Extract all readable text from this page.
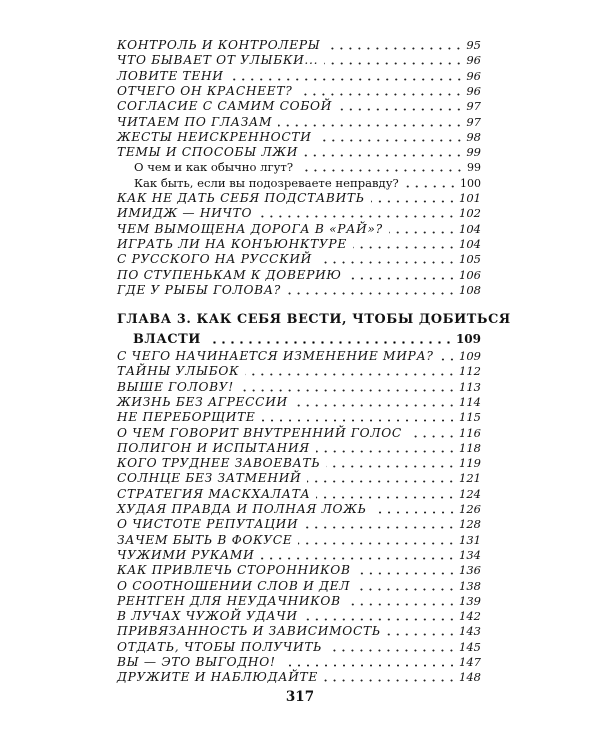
КОНТРОЛЬ И КОНТРОЛЕРЫ	95
ЧТО БЫВАЕТ ОТ УЛЫБКИ...	96
ЛОВИТЕ ТЕНИ	96
ОТЧЕГО ОН КРАСНЕЕТ?	96
СОГЛАСИЕ С САМИМ СОБОЙ	97
ЧИТАЕМ ПО ГЛАЗАМ	97
ЖЕСТЫ НЕИСКРЕННОСТИ	98
ТЕМЫ И СПОСОБЫ ЛЖИ	99
О чем и как обычно лгут?	99
Как быть, если вы подозреваете неправду?	100
КАК НЕ ДАТЬ СЕБЯ ПОДСТАВИТЬ	101
ИМИДЖ — НИЧТО	102
ЧЕМ ВЫМОЩЕНА ДОРОГА В «РАЙ»?	104
ИГРАТЬ ЛИ НА КОНЪЮНКТУРЕ	104
С РУССКОГО НА РУССКИЙ	105
ПО СТУПЕНЬКАМ К ДОВЕРИЮ	106
ГДЕ У РЫБЫ ГОЛОВА?	108
ГЛАВА 3. КАК СЕБЯ ВЕСТИ, ЧТОБЫ ДОБИТЬСЯ
ВЛАСТИ	109
С ЧЕГО НАЧИНАЕТСЯ ИЗМЕНЕНИЕ МИРА? 109
ТАЙНЫ УЛЫБОК	112
ВЫШЕ ГОЛОВУ!	113
ЖИЗНЬ БЕЗ АГРЕССИИ	114
НЕ ПЕРЕБОРЩИТЕ	115
О ЧЕМ ГОВОРИТ ВНУТРЕННИЙ ГОЛОС	116
ПОЛИГОН И ИСПЫТАНИЯ	118
КОГО ТРУДНЕЕ ЗАВОЕВАТЬ	119
СОЛНЦЕ БЕЗ ЗАТМЕНИЙ	121
СТРАТЕГИЯ МАСКХАЛАТА	124
ХУДАЯ ПРАВДА И ПОЛНАЯ ЛОЖЬ	126
О ЧИСТОТЕ РЕПУТАЦИИ	128
ЗАЧЕМ БЫТЬ В ФОКУСЕ	131
ЧУЖИМИ РУКАМИ	134
КАК ПРИВЛЕЧЬ СТОРОННИКОВ	136
О СООТНОШЕНИИ СЛОВ И ДЕЛ	138
РЕНТГЕН ДЛЯ НЕУДАЧНИКОВ	139
В ЛУЧАХ ЧУЖОЙ УДАЧИ	142
ПРИВЯЗАННОСТЬ И ЗАВИСИМОСТЬ	143
ОТДАТЬ, ЧТОБЫ ПОЛУЧИТЬ	145
ВЫ — ЭТО ВЫГОДНО!	147
ДРУЖИТЕ И НАБЛЮДАЙТЕ	148
317
